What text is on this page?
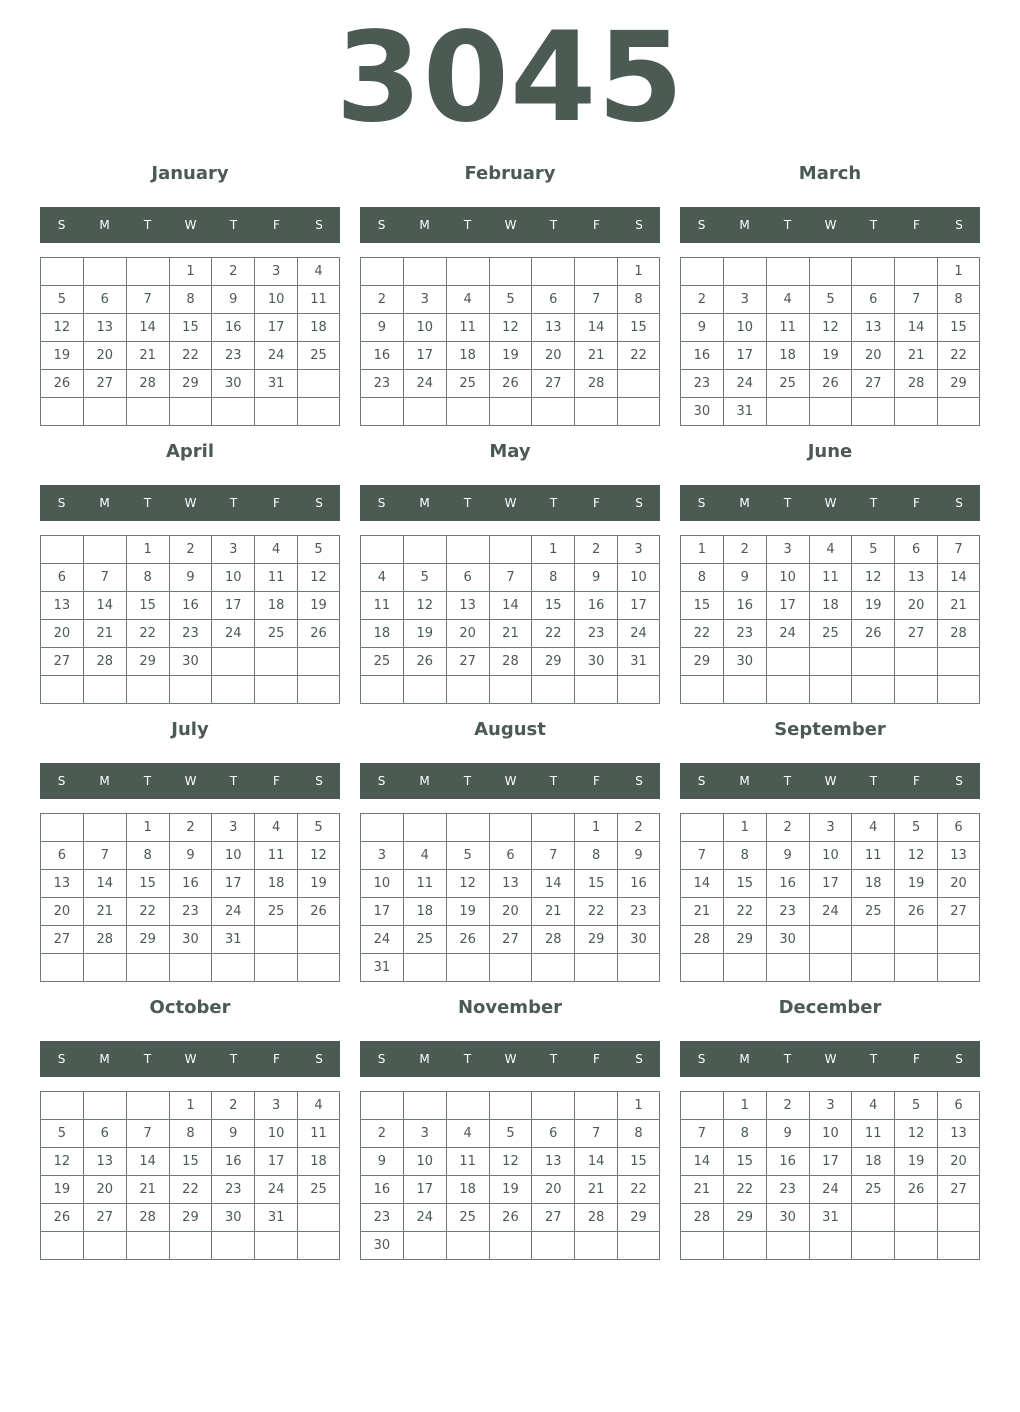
3045
January
S	M	T	W	T	F	S
			1	2	3	4
5	6	7	8	9	10	11
12	13	14	15	16	17	18
19	20	21	22	23	24	25
26	27	28	29	30	31	

February
S	M	T	W	T	F	S
						1
2	3	4	5	6	7	8
9	10	11	12	13	14	15
16	17	18	19	20	21	22
23	24	25	26	27	28	

March
S	M	T	W	T	F	S
						1
2	3	4	5	6	7	8
9	10	11	12	13	14	15
16	17	18	19	20	21	22
23	24	25	26	27	28	29
30	31					
April
S	M	T	W	T	F	S
		1	2	3	4	5
6	7	8	9	10	11	12
13	14	15	16	17	18	19
20	21	22	23	24	25	26
27	28	29	30			

May
S	M	T	W	T	F	S
				1	2	3
4	5	6	7	8	9	10
11	12	13	14	15	16	17
18	19	20	21	22	23	24
25	26	27	28	29	30	31

June
S	M	T	W	T	F	S
1	2	3	4	5	6	7
8	9	10	11	12	13	14
15	16	17	18	19	20	21
22	23	24	25	26	27	28
29	30					

July
S	M	T	W	T	F	S
		1	2	3	4	5
6	7	8	9	10	11	12
13	14	15	16	17	18	19
20	21	22	23	24	25	26
27	28	29	30	31		

August
S	M	T	W	T	F	S
					1	2
3	4	5	6	7	8	9
10	11	12	13	14	15	16
17	18	19	20	21	22	23
24	25	26	27	28	29	30
31						
September
S	M	T	W	T	F	S
	1	2	3	4	5	6
7	8	9	10	11	12	13
14	15	16	17	18	19	20
21	22	23	24	25	26	27
28	29	30				

October
S	M	T	W	T	F	S
			1	2	3	4
5	6	7	8	9	10	11
12	13	14	15	16	17	18
19	20	21	22	23	24	25
26	27	28	29	30	31	

November
S	M	T	W	T	F	S
						1
2	3	4	5	6	7	8
9	10	11	12	13	14	15
16	17	18	19	20	21	22
23	24	25	26	27	28	29
30						
December
S	M	T	W	T	F	S
	1	2	3	4	5	6
7	8	9	10	11	12	13
14	15	16	17	18	19	20
21	22	23	24	25	26	27
28	29	30	31			
